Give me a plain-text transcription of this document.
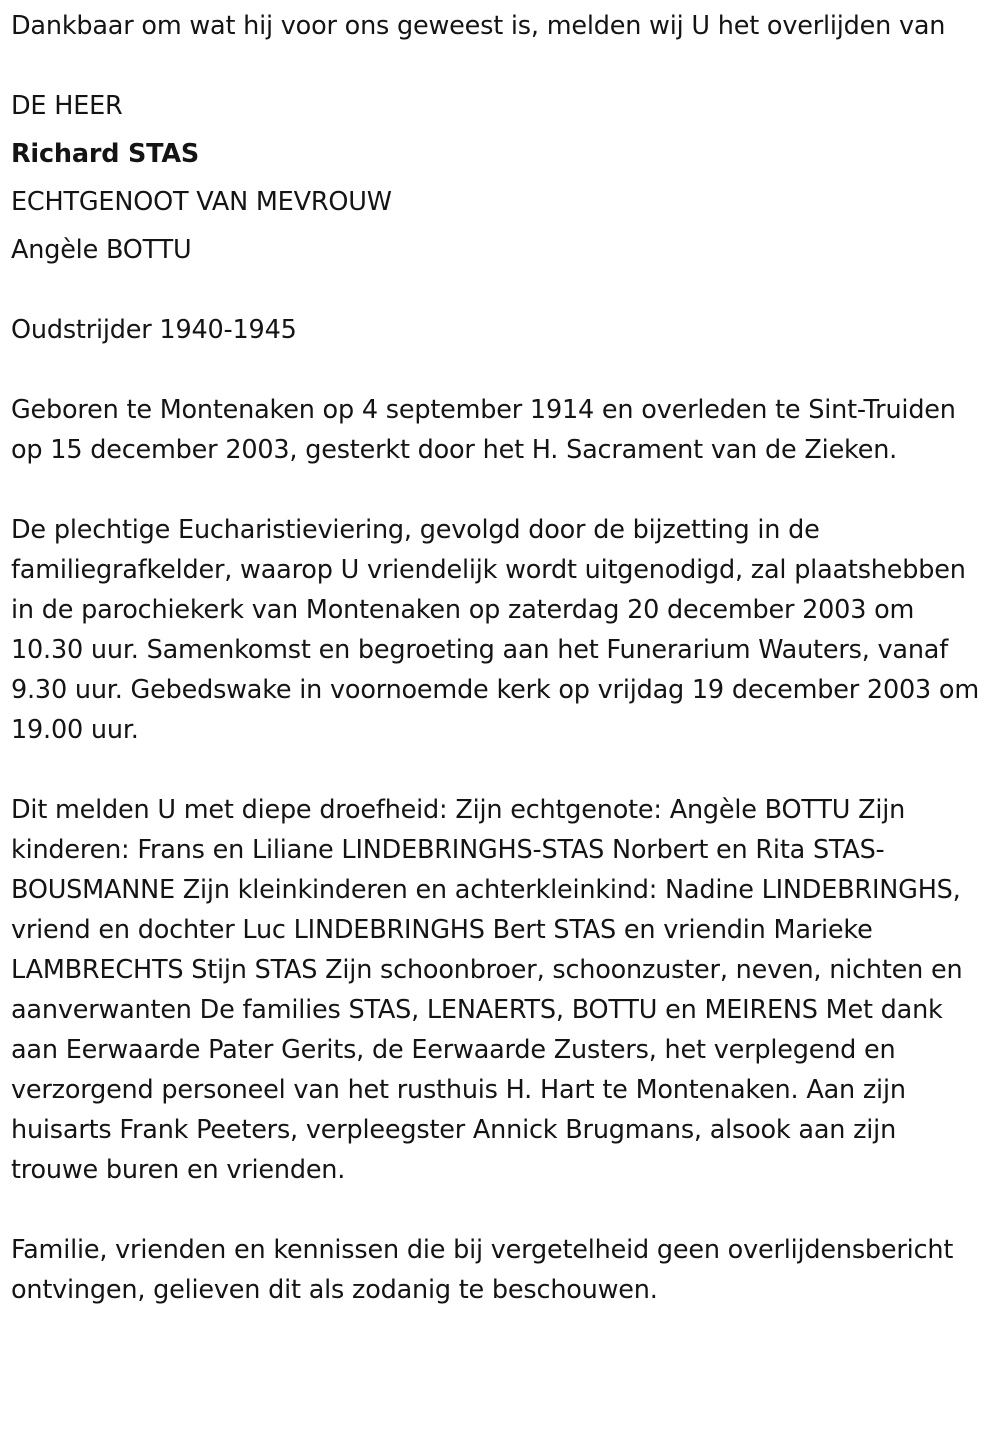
Dankbaar om wat hij voor ons geweest is, melden wij U het overlijden van

DE HEER

Richard STAS

ECHTGENOOT VAN MEVROUW

Angèle BOTTU

Oudstrijder 1940-1945

Geboren te Montenaken op 4 september 1914 en overleden te Sint-Truiden op 15 december 2003, gesterkt door het H. Sacrament van de Zieken.

De plechtige Eucharistieviering, gevolgd door de bijzetting in de familiegrafkelder, waarop U vriendelijk wordt uitgenodigd, zal plaatshebben in de parochiekerk van Montenaken op zaterdag 20 december 2003 om 10.30 uur. Samenkomst en begroeting aan het Funerarium Wauters, vanaf 9.30 uur. Gebedswake in voornoemde kerk op vrijdag 19 december 2003 om 19.00 uur.

Dit melden U met diepe droefheid: Zijn echtgenote: Angèle BOTTU Zijn kinderen: Frans en Liliane LINDEBRINGHS-STAS Norbert en Rita STAS-BOUSMANNE Zijn kleinkinderen en achterkleinkind: Nadine LINDEBRINGHS, vriend en dochter Luc LINDEBRINGHS Bert STAS en vriendin Marieke LAMBRECHTS Stijn STAS Zijn schoonbroer, schoonzuster, neven, nichten en aanverwanten De families STAS, LENAERTS, BOTTU en MEIRENS Met dank aan Eerwaarde Pater Gerits, de Eerwaarde Zusters, het verplegend en verzorgend personeel van het rusthuis H. Hart te Montenaken. Aan zijn huisarts Frank Peeters, verpleegster Annick Brugmans, alsook aan zijn trouwe buren en vrienden.

Familie, vrienden en kennissen die bij vergetelheid geen overlijdensbericht ontvingen, gelieven dit als zodanig te beschouwen.
